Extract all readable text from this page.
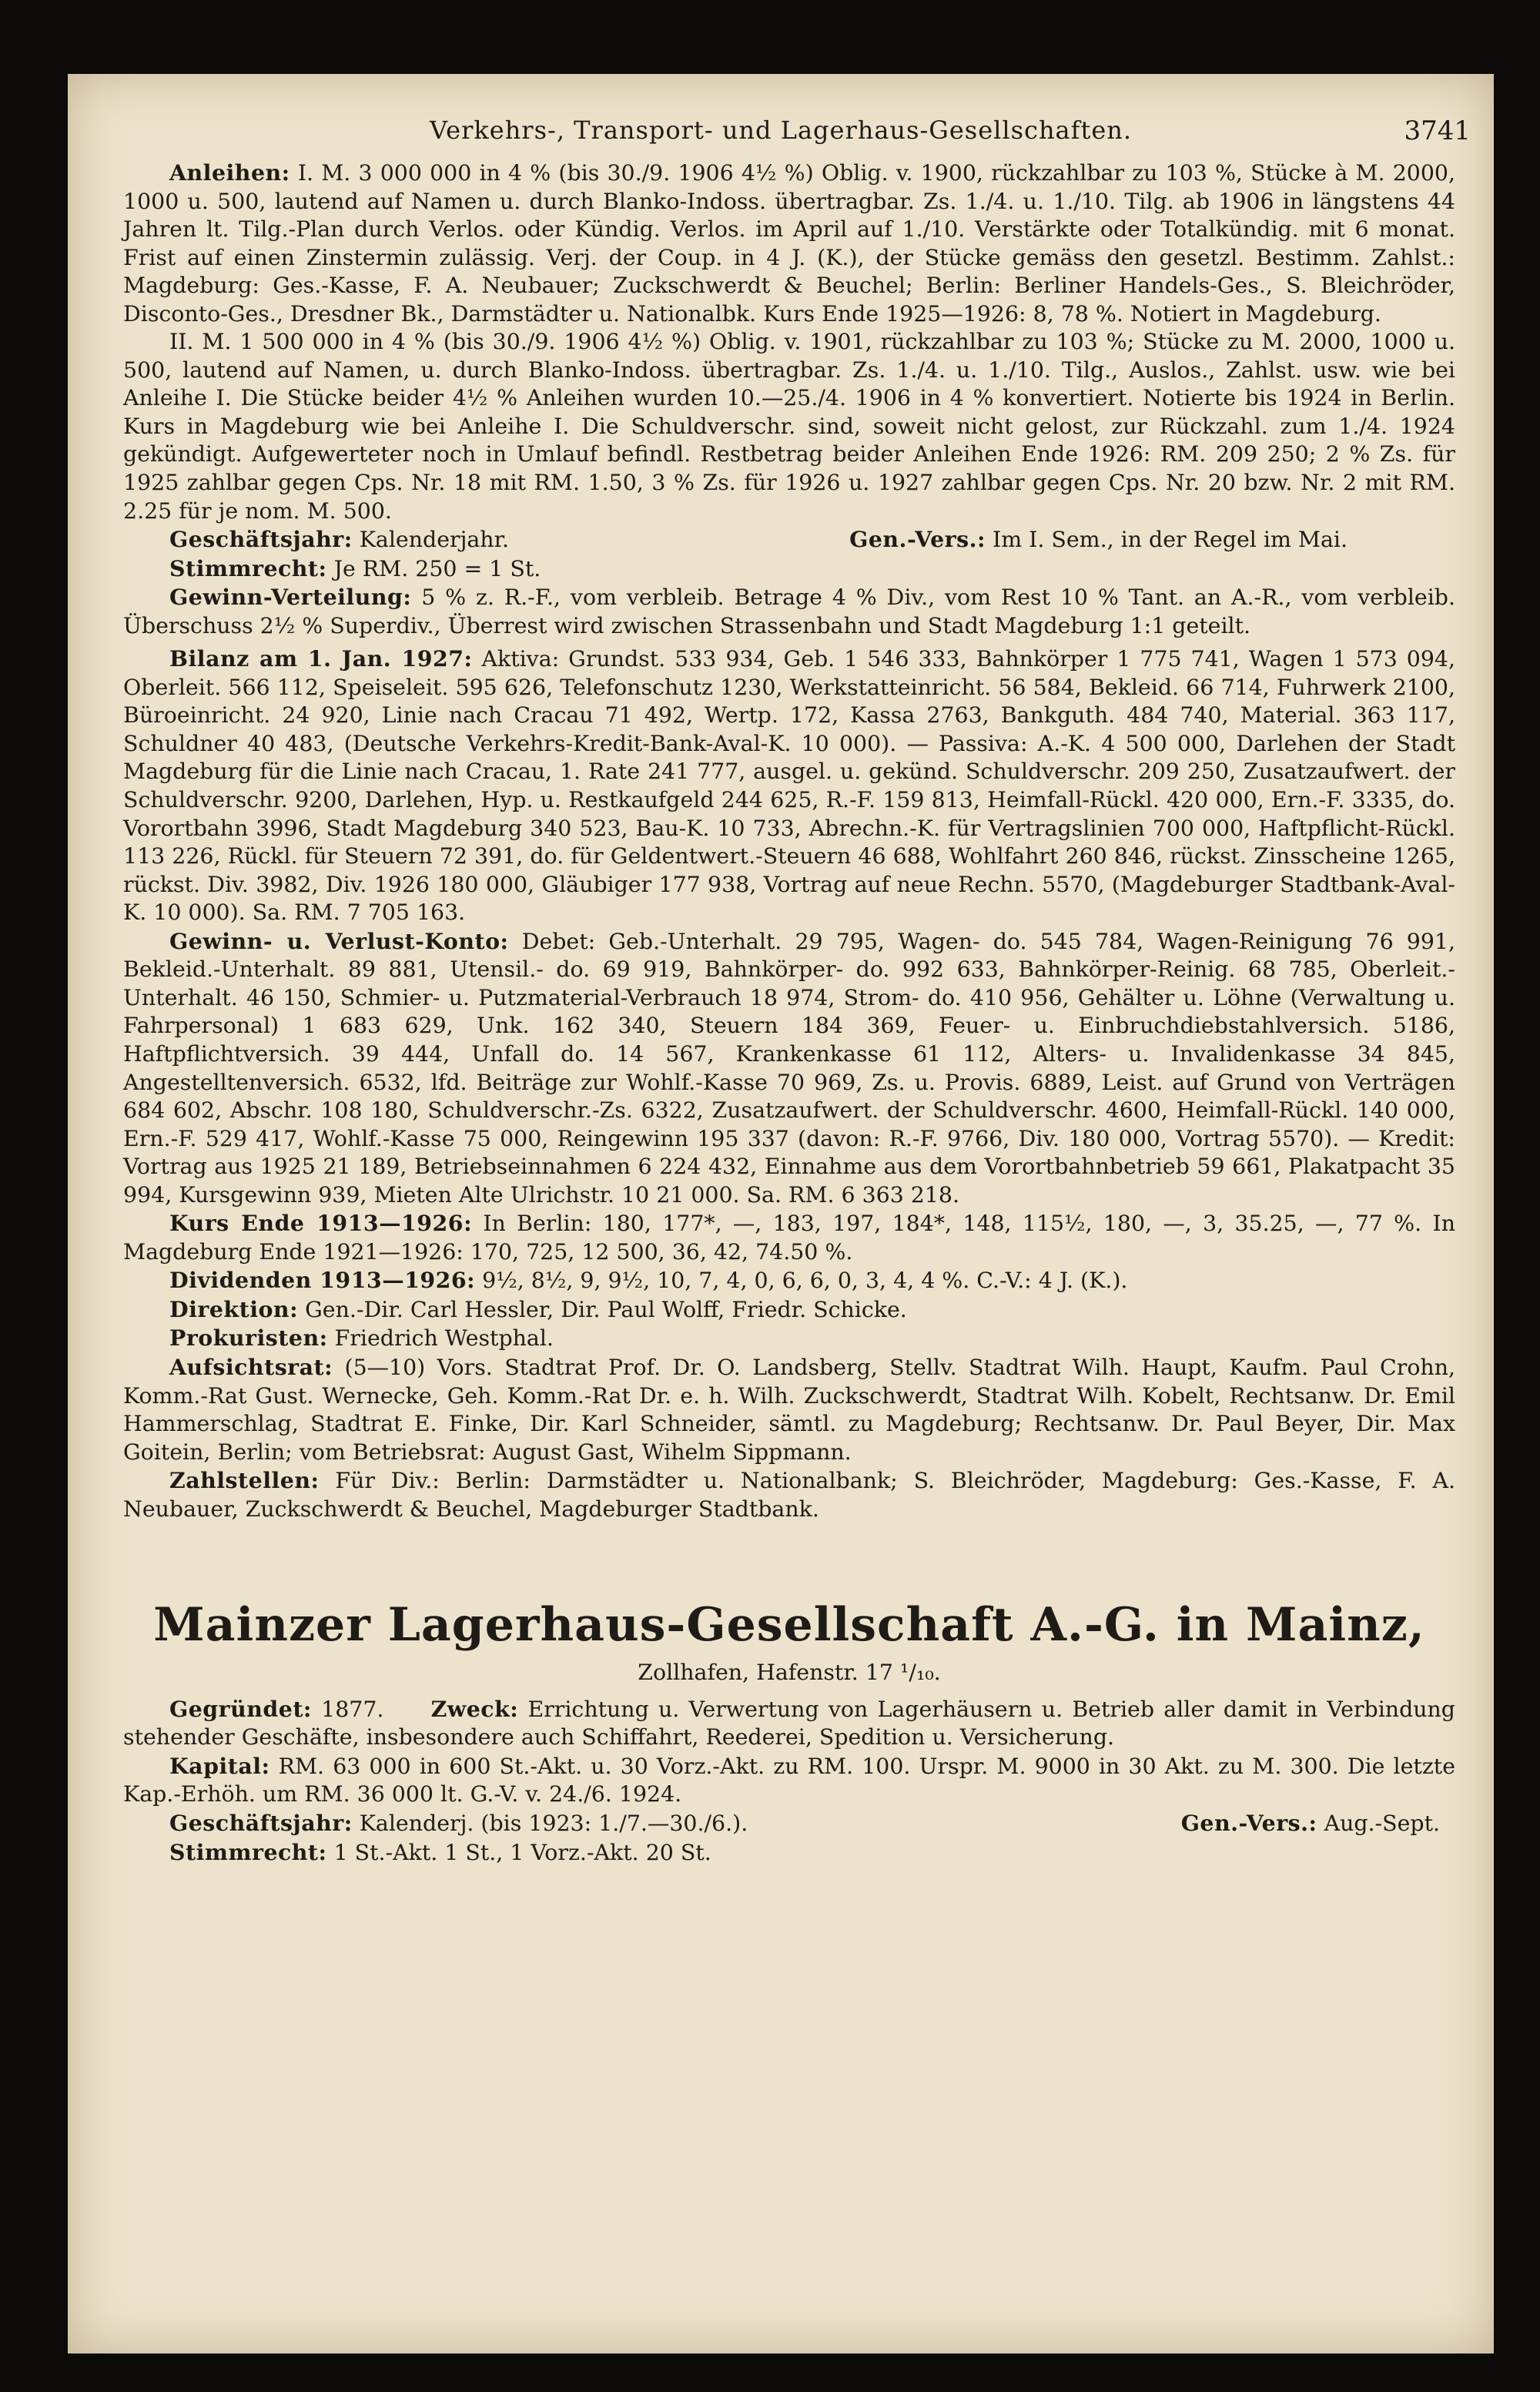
Verkehrs-, Transport- und Lagerhaus-Gesellschaften.	3741

Anleihen: I. M. 3 000 000 in 4 % (bis 30./9. 1906 4½ %) Oblig. v. 1900, rückzahlbar zu 103 %, Stücke à M. 2000, 1000 u. 500, lautend auf Namen u. durch Blanko-Indoss. übertragbar. Zs. 1./4. u. 1./10. Tilg. ab 1906 in längstens 44 Jahren lt. Tilg.-Plan durch Verlos. oder Kündig. Verlos. im April auf 1./10. Verstärkte oder Totalkündig. mit 6 monat. Frist auf einen Zinstermin zulässig. Verj. der Coup. in 4 J. (K.), der Stücke gemäss den gesetzl. Bestimm. Zahlst.: Magdeburg: Ges.-Kasse, F. A. Neubauer; Zuckschwerdt & Beuchel; Berlin: Berliner Handels-Ges., S. Bleichröder, Disconto-Ges., Dresdner Bk., Darmstädter u. Nationalbk. Kurs Ende 1925—1926: 8, 78 %. Notiert in Magdeburg.

II. M. 1 500 000 in 4 % (bis 30./9. 1906 4½ %) Oblig. v. 1901, rückzahlbar zu 103 %; Stücke zu M. 2000, 1000 u. 500, lautend auf Namen, u. durch Blanko-Indoss. übertragbar. Zs. 1./4. u. 1./10. Tilg., Auslos., Zahlst. usw. wie bei Anleihe I. Die Stücke beider 4½ % Anleihen wurden 10.—25./4. 1906 in 4 % konvertiert. Notierte bis 1924 in Berlin. Kurs in Magdeburg wie bei Anleihe I. Die Schuldverschr. sind, soweit nicht gelost, zur Rückzahl. zum 1./4. 1924 gekündigt. Aufgewerteter noch in Umlauf befindl. Restbetrag beider Anleihen Ende 1926: RM. 209 250; 2 % Zs. für 1925 zahlbar gegen Cps. Nr. 18 mit RM. 1.50, 3 % Zs. für 1926 u. 1927 zahlbar gegen Cps. Nr. 20 bzw. Nr. 2 mit RM. 2.25 für je nom. M. 500.

Geschäftsjahr: Kalenderjahr.	Gen.-Vers.: Im I. Sem., in der Regel im Mai.

Stimmrecht: Je RM. 250 = 1 St.

Gewinn-Verteilung: 5 % z. R.-F., vom verbleib. Betrage 4 % Div., vom Rest 10 % Tant. an A.-R., vom verbleib. Überschuss 2½ % Superdiv., Überrest wird zwischen Strassenbahn und Stadt Magdeburg 1:1 geteilt.

Bilanz am 1. Jan. 1927: Aktiva: Grundst. 533 934, Geb. 1 546 333, Bahnkörper 1 775 741, Wagen 1 573 094, Oberleit. 566 112, Speiseleit. 595 626, Telefonschutz 1230, Werkstatteinricht. 56 584, Bekleid. 66 714, Fuhrwerk 2100, Büroeinricht. 24 920, Linie nach Cracau 71 492, Wertp. 172, Kassa 2763, Bankguth. 484 740, Material. 363 117, Schuldner 40 483, (Deutsche Verkehrs-Kredit-Bank-Aval-K. 10 000). — Passiva: A.-K. 4 500 000, Darlehen der Stadt Magdeburg für die Linie nach Cracau, 1. Rate 241 777, ausgel. u. gekünd. Schuldverschr. 209 250, Zusatzaufwert. der Schuldverschr. 9200, Darlehen, Hyp. u. Restkaufgeld 244 625, R.-F. 159 813, Heimfall-Rückl. 420 000, Ern.-F. 3335, do. Vorortbahn 3996, Stadt Magdeburg 340 523, Bau-K. 10 733, Abrechn.-K. für Vertragslinien 700 000, Haftpflicht-Rückl. 113 226, Rückl. für Steuern 72 391, do. für Geldentwert.-Steuern 46 688, Wohlfahrt 260 846, rückst. Zinsscheine 1265, rückst. Div. 3982, Div. 1926 180 000, Gläubiger 177 938, Vortrag auf neue Rechn. 5570, (Magdeburger Stadtbank-Aval-K. 10 000). Sa. RM. 7 705 163.

Gewinn- u. Verlust-Konto: Debet: Geb.-Unterhalt. 29 795, Wagen- do. 545 784, Wagen-Reinigung 76 991, Bekleid.-Unterhalt. 89 881, Utensil.- do. 69 919, Bahnkörper- do. 992 633, Bahnkörper-Reinig. 68 785, Oberleit.-Unterhalt. 46 150, Schmier- u. Putzmaterial-Verbrauch 18 974, Strom- do. 410 956, Gehälter u. Löhne (Verwaltung u. Fahrpersonal) 1 683 629, Unk. 162 340, Steuern 184 369, Feuer- u. Einbruchdiebstahlversich. 5186, Haftpflichtversich. 39 444, Unfall do. 14 567, Krankenkasse 61 112, Alters- u. Invalidenkasse 34 845, Angestelltenversich. 6532, lfd. Beiträge zur Wohlf.-Kasse 70 969, Zs. u. Provis. 6889, Leist. auf Grund von Verträgen 684 602, Abschr. 108 180, Schuldverschr.-Zs. 6322, Zusatzaufwert. der Schuldverschr. 4600, Heimfall-Rückl. 140 000, Ern.-F. 529 417, Wohlf.-Kasse 75 000, Reingewinn 195 337 (davon: R.-F. 9766, Div. 180 000, Vortrag 5570). — Kredit: Vortrag aus 1925 21 189, Betriebseinnahmen 6 224 432, Einnahme aus dem Vorortbahnbetrieb 59 661, Plakatpacht 35 994, Kursgewinn 939, Mieten Alte Ulrichstr. 10 21 000. Sa. RM. 6 363 218.

Kurs Ende 1913—1926: In Berlin: 180, 177*, —, 183, 197, 184*, 148, 115½, 180, —, 3, 35.25, —, 77 %. In Magdeburg Ende 1921—1926: 170, 725, 12 500, 36, 42, 74.50 %.

Dividenden 1913—1926: 9½, 8½, 9, 9½, 10, 7, 4, 0, 6, 6, 0, 3, 4, 4 %. C.-V.: 4 J. (K.).

Direktion: Gen.-Dir. Carl Hessler, Dir. Paul Wolff, Friedr. Schicke.

Prokuristen: Friedrich Westphal.

Aufsichtsrat: (5—10) Vors. Stadtrat Prof. Dr. O. Landsberg, Stellv. Stadtrat Wilh. Haupt, Kaufm. Paul Crohn, Komm.-Rat Gust. Wernecke, Geh. Komm.-Rat Dr. e. h. Wilh. Zuckschwerdt, Stadtrat Wilh. Kobelt, Rechtsanw. Dr. Emil Hammerschlag, Stadtrat E. Finke, Dir. Karl Schneider, sämtl. zu Magdeburg; Rechtsanw. Dr. Paul Beyer, Dir. Max Goitein, Berlin; vom Betriebsrat: August Gast, Wihelm Sippmann.

Zahlstellen: Für Div.: Berlin: Darmstädter u. Nationalbank; S. Bleichröder, Magdeburg: Ges.-Kasse, F. A. Neubauer, Zuckschwerdt & Beuchel, Magdeburger Stadtbank.

Mainzer Lagerhaus-Gesellschaft A.-G. in Mainz,
Zollhafen, Hafenstr. 17 ¹/₁₀.

Gegründet: 1877. Zweck: Errichtung u. Verwertung von Lagerhäusern u. Betrieb aller damit in Verbindung stehender Geschäfte, insbesondere auch Schiffahrt, Reederei, Spedition u. Versicherung.

Kapital: RM. 63 000 in 600 St.-Akt. u. 30 Vorz.-Akt. zu RM. 100. Urspr. M. 9000 in 30 Akt. zu M. 300. Die letzte Kap.-Erhöh. um RM. 36 000 lt. G.-V. v. 24./6. 1924.

Geschäftsjahr: Kalenderj. (bis 1923: 1./7.—30./6.).	Gen.-Vers.: Aug.-Sept.

Stimmrecht: 1 St.-Akt. 1 St., 1 Vorz.-Akt. 20 St.
